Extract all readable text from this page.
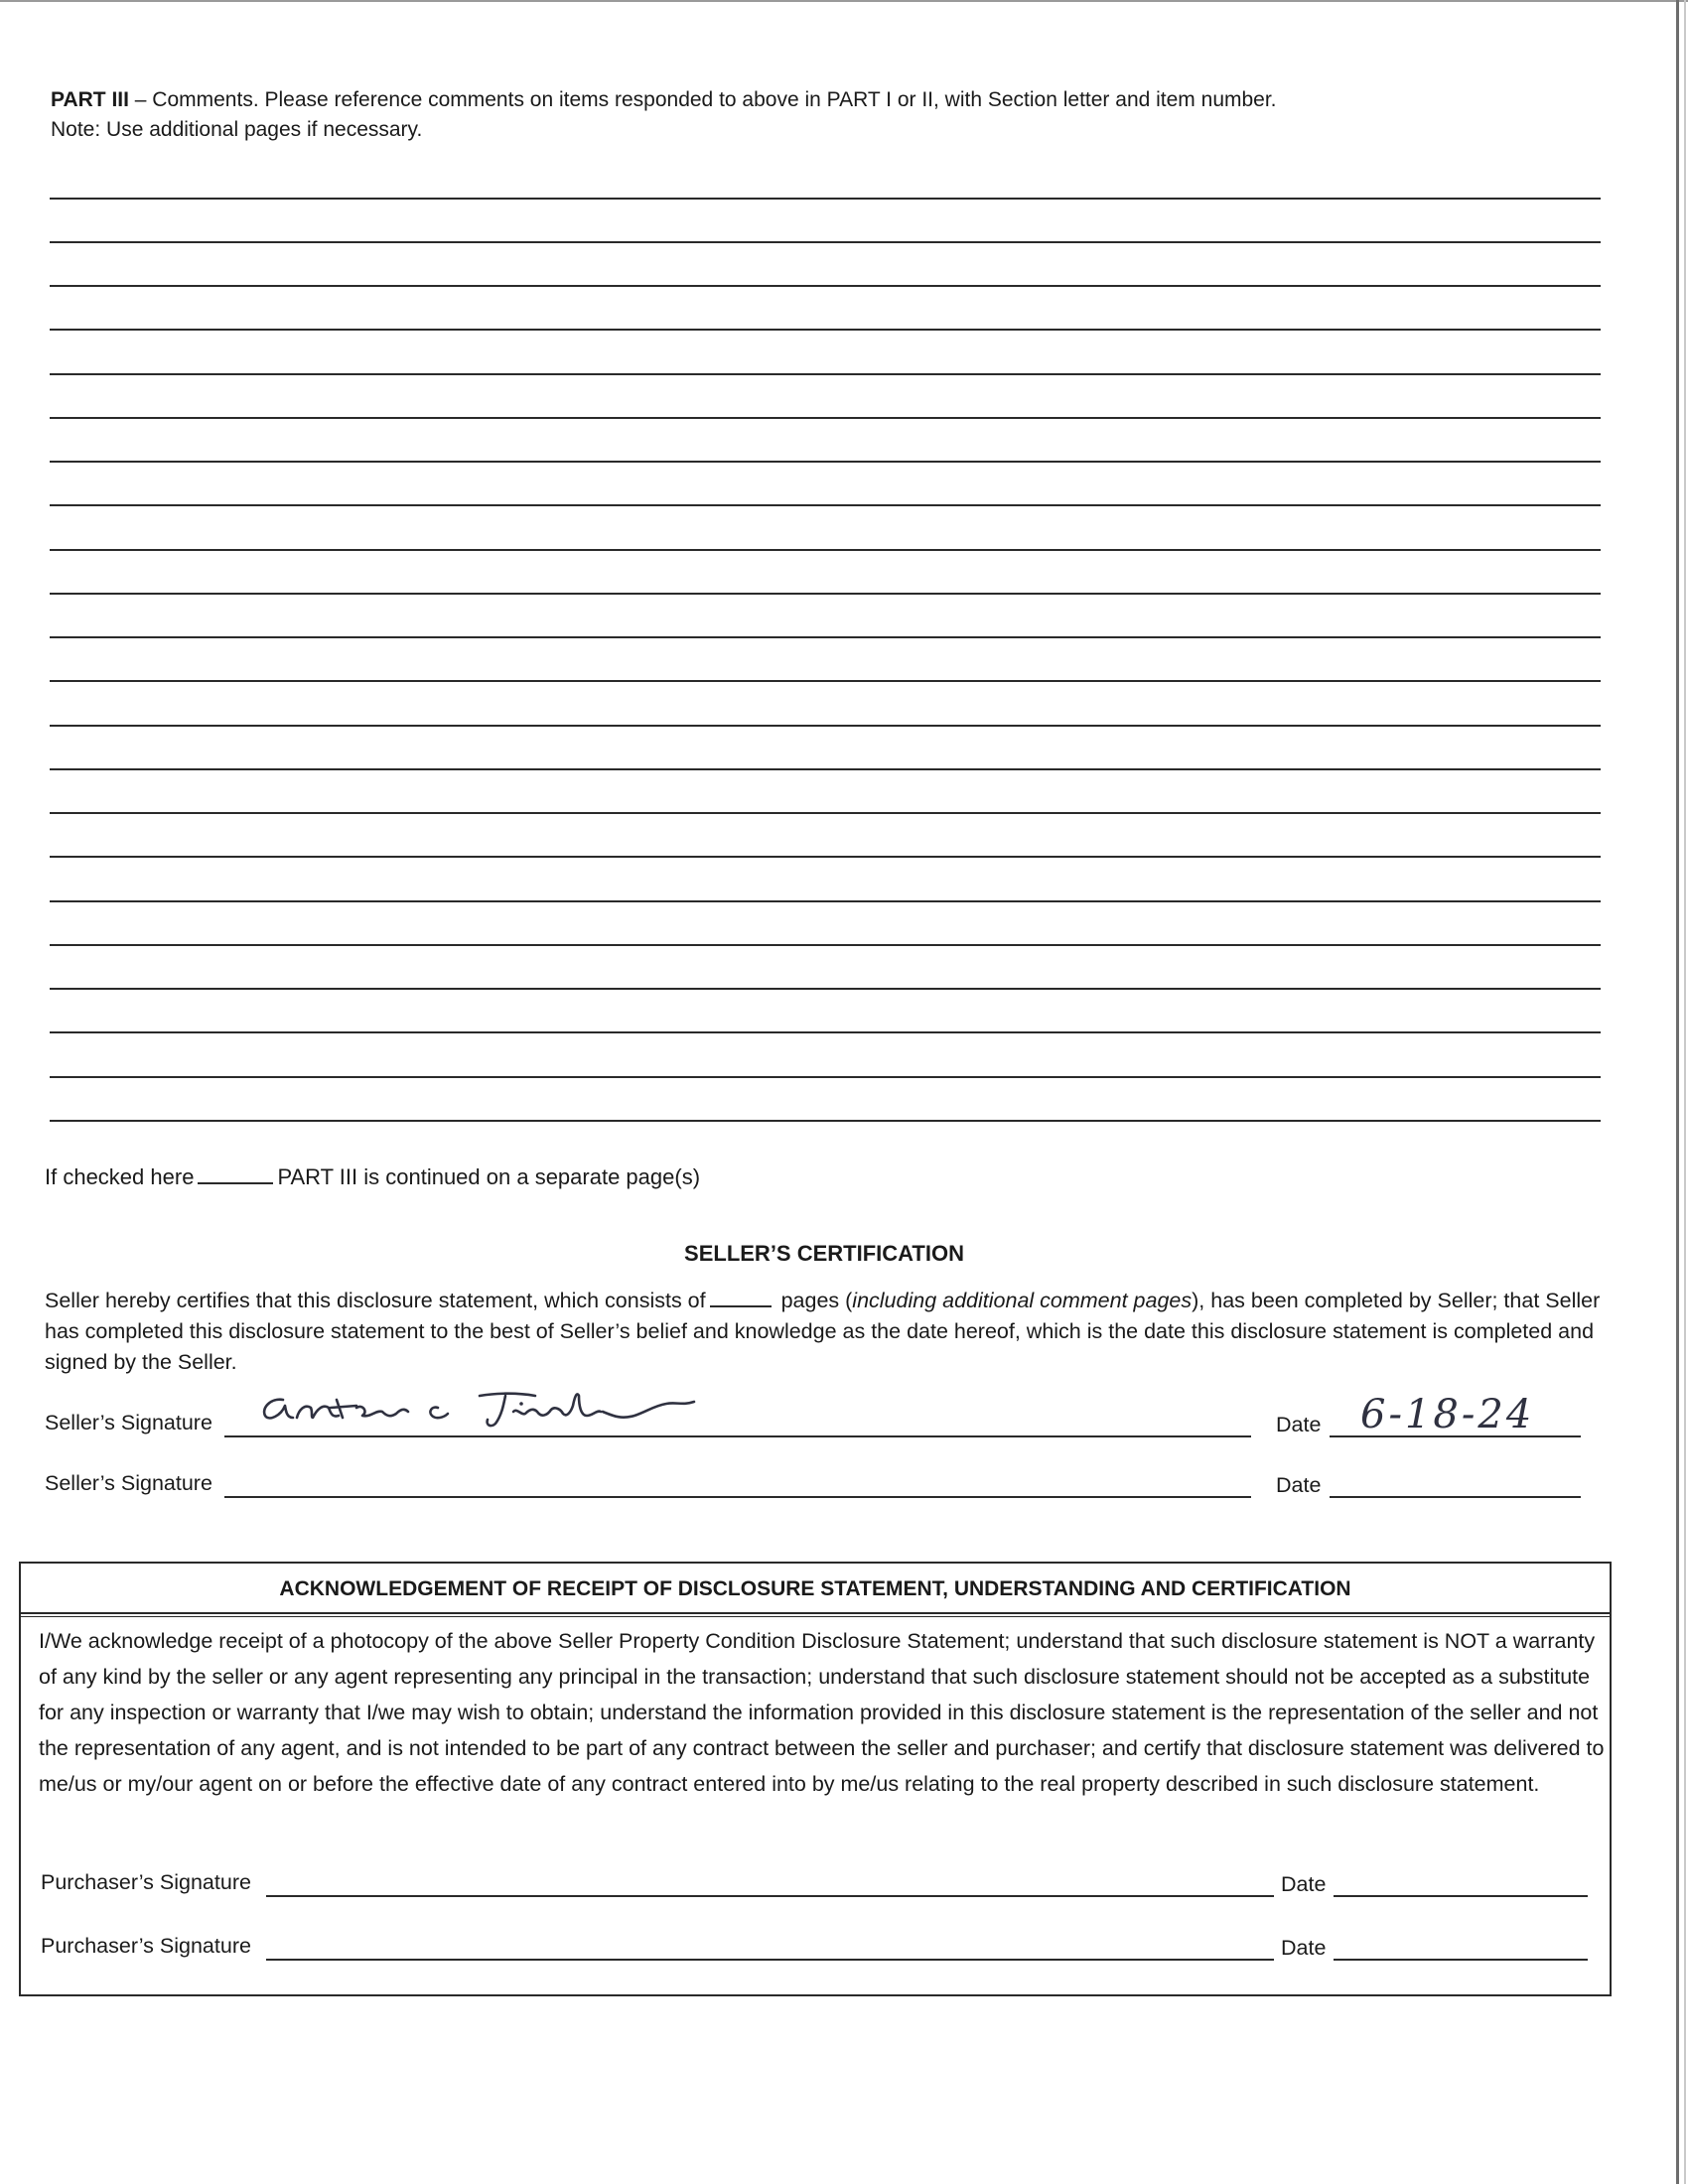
PART III – Comments. Please reference comments on items responded to above in PART I or II, with Section letter and item number.
Note: Use additional pages if necessary.
If checked here	PART III is continued on a separate page(s)
SELLER’S CERTIFICATION
Seller hereby certifies that this disclosure statement, which consists of	pages (including additional comment pages), has been completed by Seller; that Seller has completed this disclosure statement to the best of Seller’s belief and knowledge as the date hereof, which is the date this disclosure statement is completed and signed by the Seller.
Seller’s Signature	Date 6-18-24
Seller’s Signature	Date
ACKNOWLEDGEMENT OF RECEIPT OF DISCLOSURE STATEMENT, UNDERSTANDING AND CERTIFICATION
I/We acknowledge receipt of a photocopy of the above Seller Property Condition Disclosure Statement; understand that such disclosure statement is NOT a warranty of any kind by the seller or any agent representing any principal in the transaction; understand that such disclosure statement should not be accepted as a substitute for any inspection or warranty that I/we may wish to obtain; understand the information provided in this disclosure statement is the representation of the seller and not the representation of any agent, and is not intended to be part of any contract between the seller and purchaser; and certify that disclosure statement was delivered to me/us or my/our agent on or before the effective date of any contract entered into by me/us relating to the real property described in such disclosure statement.
Purchaser’s Signature	Date
Purchaser’s Signature	Date
